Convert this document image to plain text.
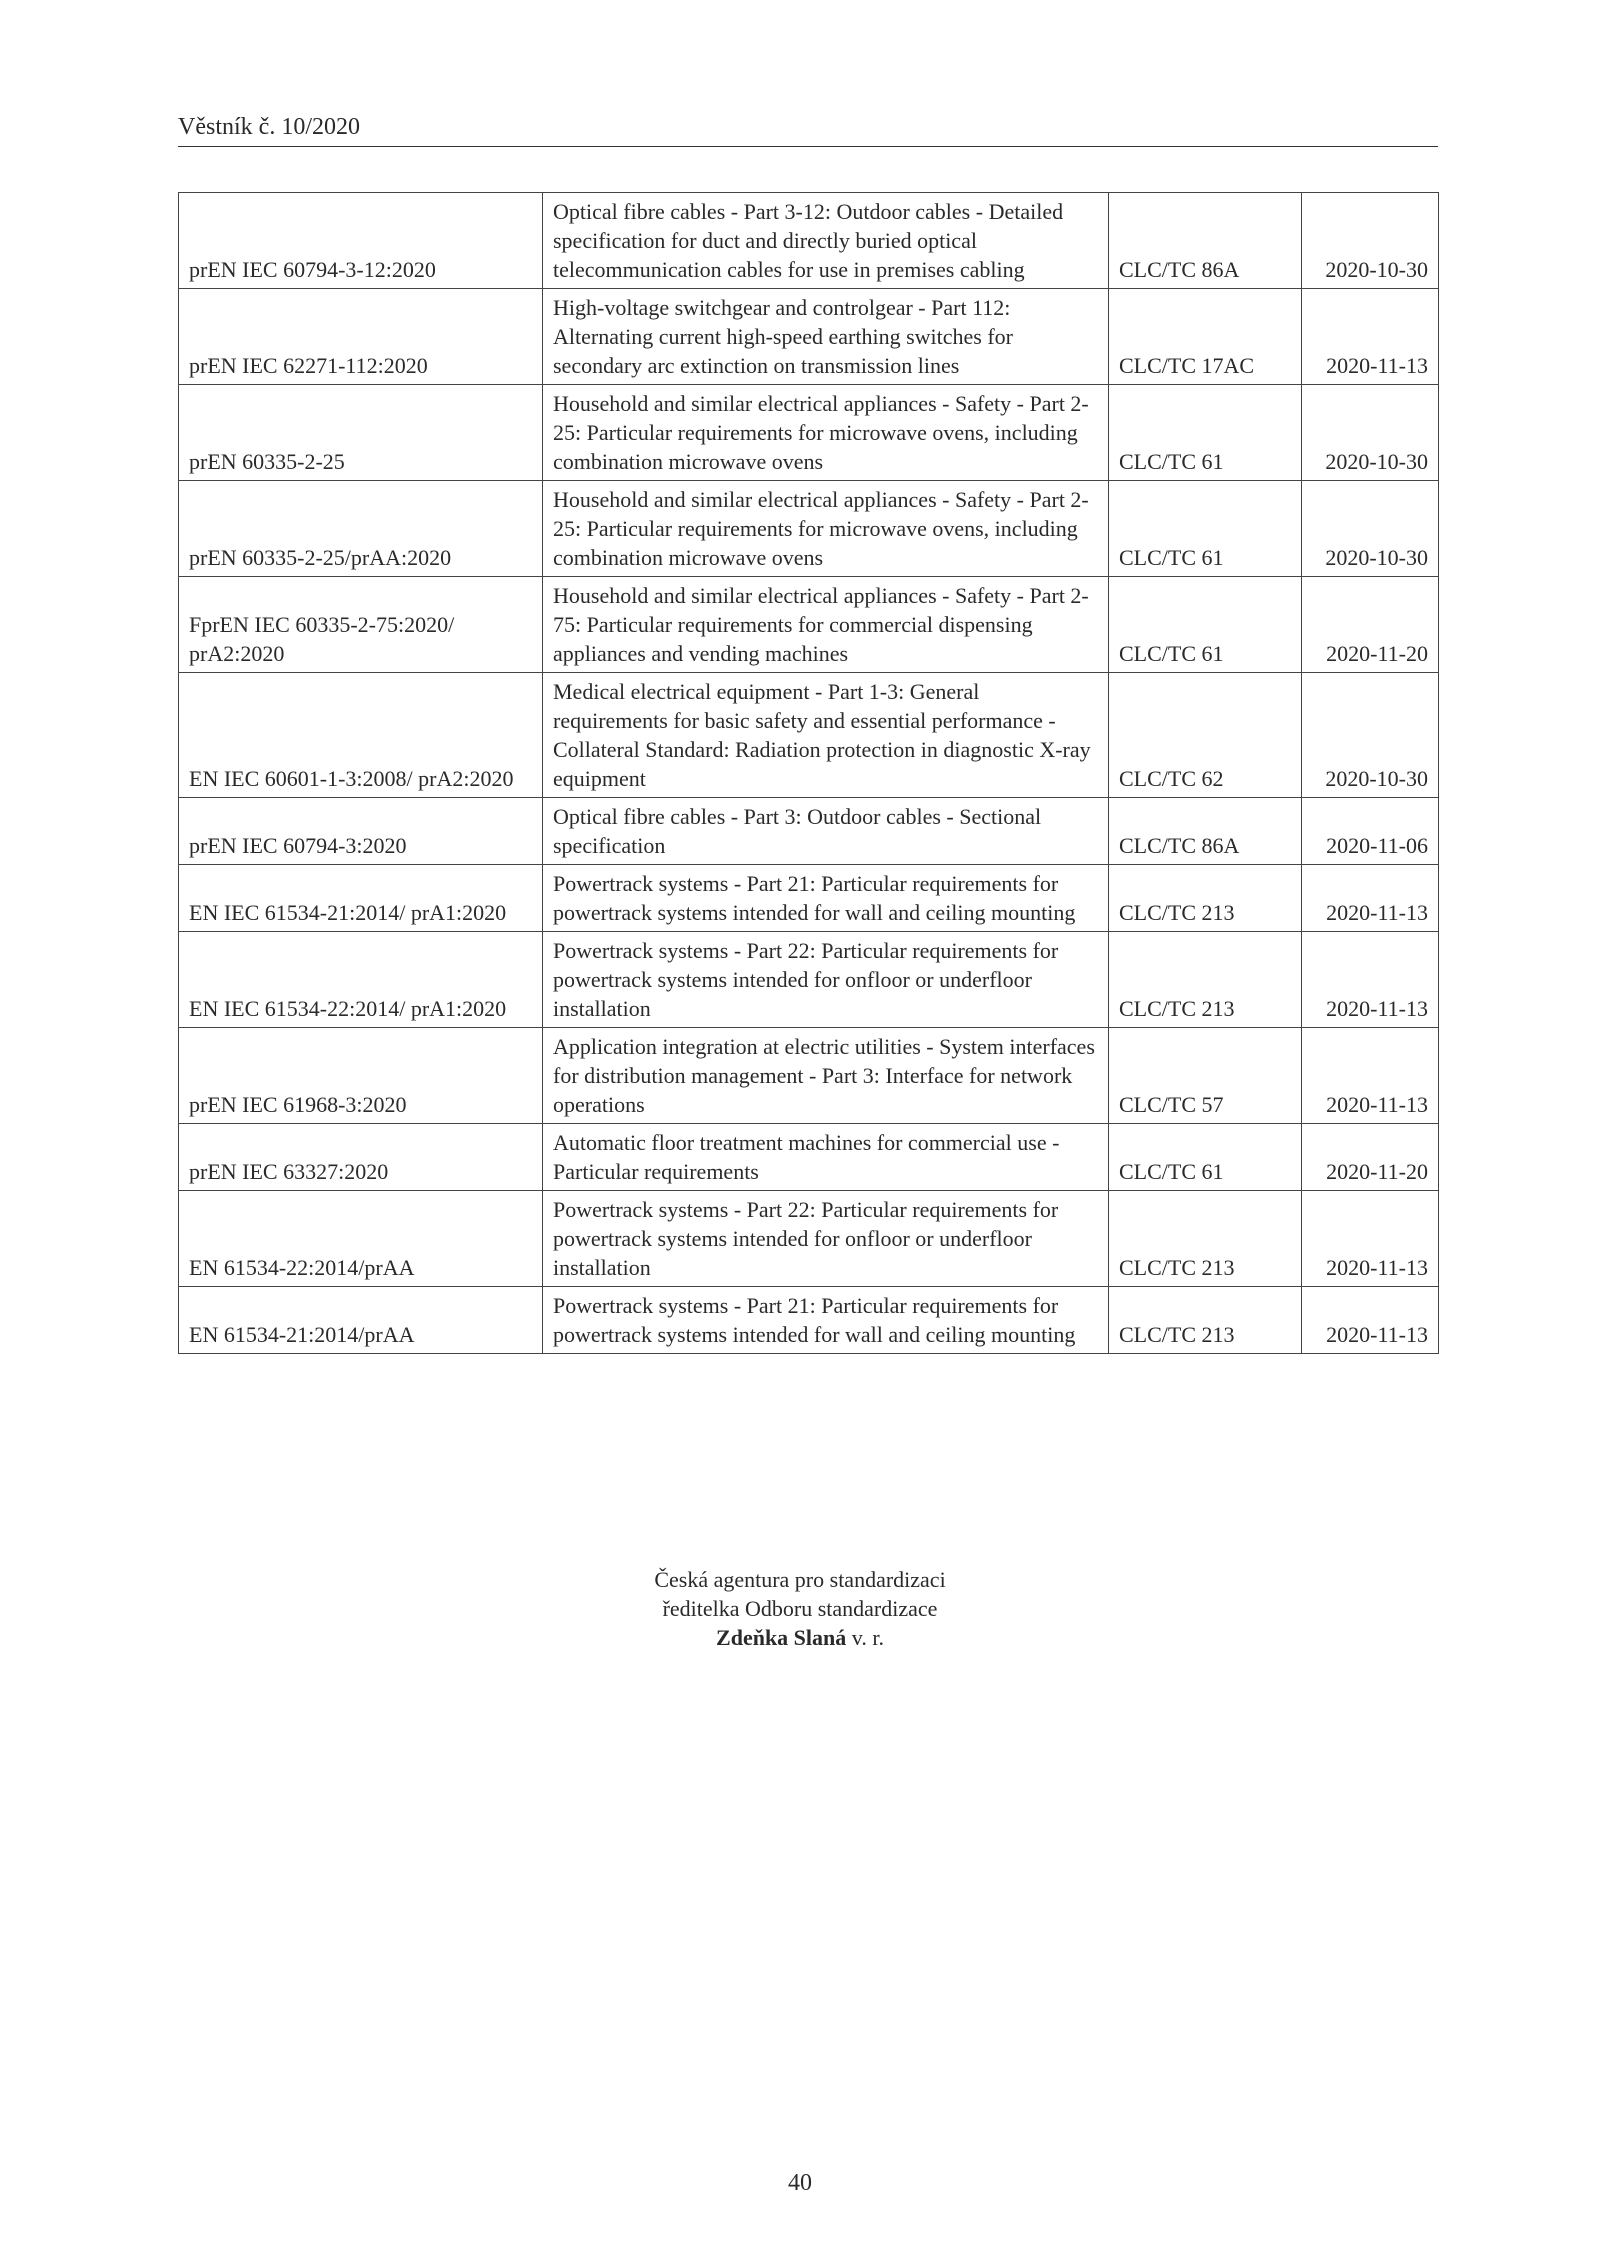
Věstník č. 10/2020
prEN IEC 60794-3-12:2020	Optical fibre cables - Part 3-12: Outdoor cables - Detailed specification for duct and directly buried optical telecommunication cables for use in premises cabling	CLC/TC 86A	2020-10-30
prEN IEC 62271-112:2020	High-voltage switchgear and controlgear - Part 112: Alternating current high-speed earthing switches for secondary arc extinction on transmission lines	CLC/TC 17AC	2020-11-13
prEN 60335-2-25	Household and similar electrical appliances - Safety - Part 2-25: Particular requirements for microwave ovens, including combination microwave ovens	CLC/TC 61	2020-10-30
prEN 60335-2-25/prAA:2020	Household and similar electrical appliances - Safety - Part 2-25: Particular requirements for microwave ovens, including combination microwave ovens	CLC/TC 61	2020-10-30
FprEN IEC 60335-2-75:2020/ prA2:2020	Household and similar electrical appliances - Safety - Part 2-75: Particular requirements for commercial dispensing appliances and vending machines	CLC/TC 61	2020-11-20
EN IEC 60601-1-3:2008/ prA2:2020	Medical electrical equipment - Part 1-3: General requirements for basic safety and essential performance - Collateral Standard: Radiation protection in diagnostic X-ray equipment	CLC/TC 62	2020-10-30
prEN IEC 60794-3:2020	Optical fibre cables - Part 3: Outdoor cables - Sectional specification	CLC/TC 86A	2020-11-06
EN IEC 61534-21:2014/ prA1:2020	Powertrack systems - Part 21: Particular requirements for powertrack systems intended for wall and ceiling mounting	CLC/TC 213	2020-11-13
EN IEC 61534-22:2014/ prA1:2020	Powertrack systems - Part 22: Particular requirements for powertrack systems intended for onfloor or underfloor installation	CLC/TC 213	2020-11-13
prEN IEC 61968-3:2020	Application integration at electric utilities - System interfaces for distribution management - Part 3: Interface for network operations	CLC/TC 57	2020-11-13
prEN IEC 63327:2020	Automatic floor treatment machines for commercial use - Particular requirements	CLC/TC 61	2020-11-20
EN 61534-22:2014/prAA	Powertrack systems - Part 22: Particular requirements for powertrack systems intended for onfloor or underfloor installation	CLC/TC 213	2020-11-13
EN 61534-21:2014/prAA	Powertrack systems - Part 21: Particular requirements for powertrack systems intended for wall and ceiling mounting	CLC/TC 213	2020-11-13
Česká agentura pro standardizaci
ředitelka Odboru standardizace
Zdeňka Slaná v. r.
40
